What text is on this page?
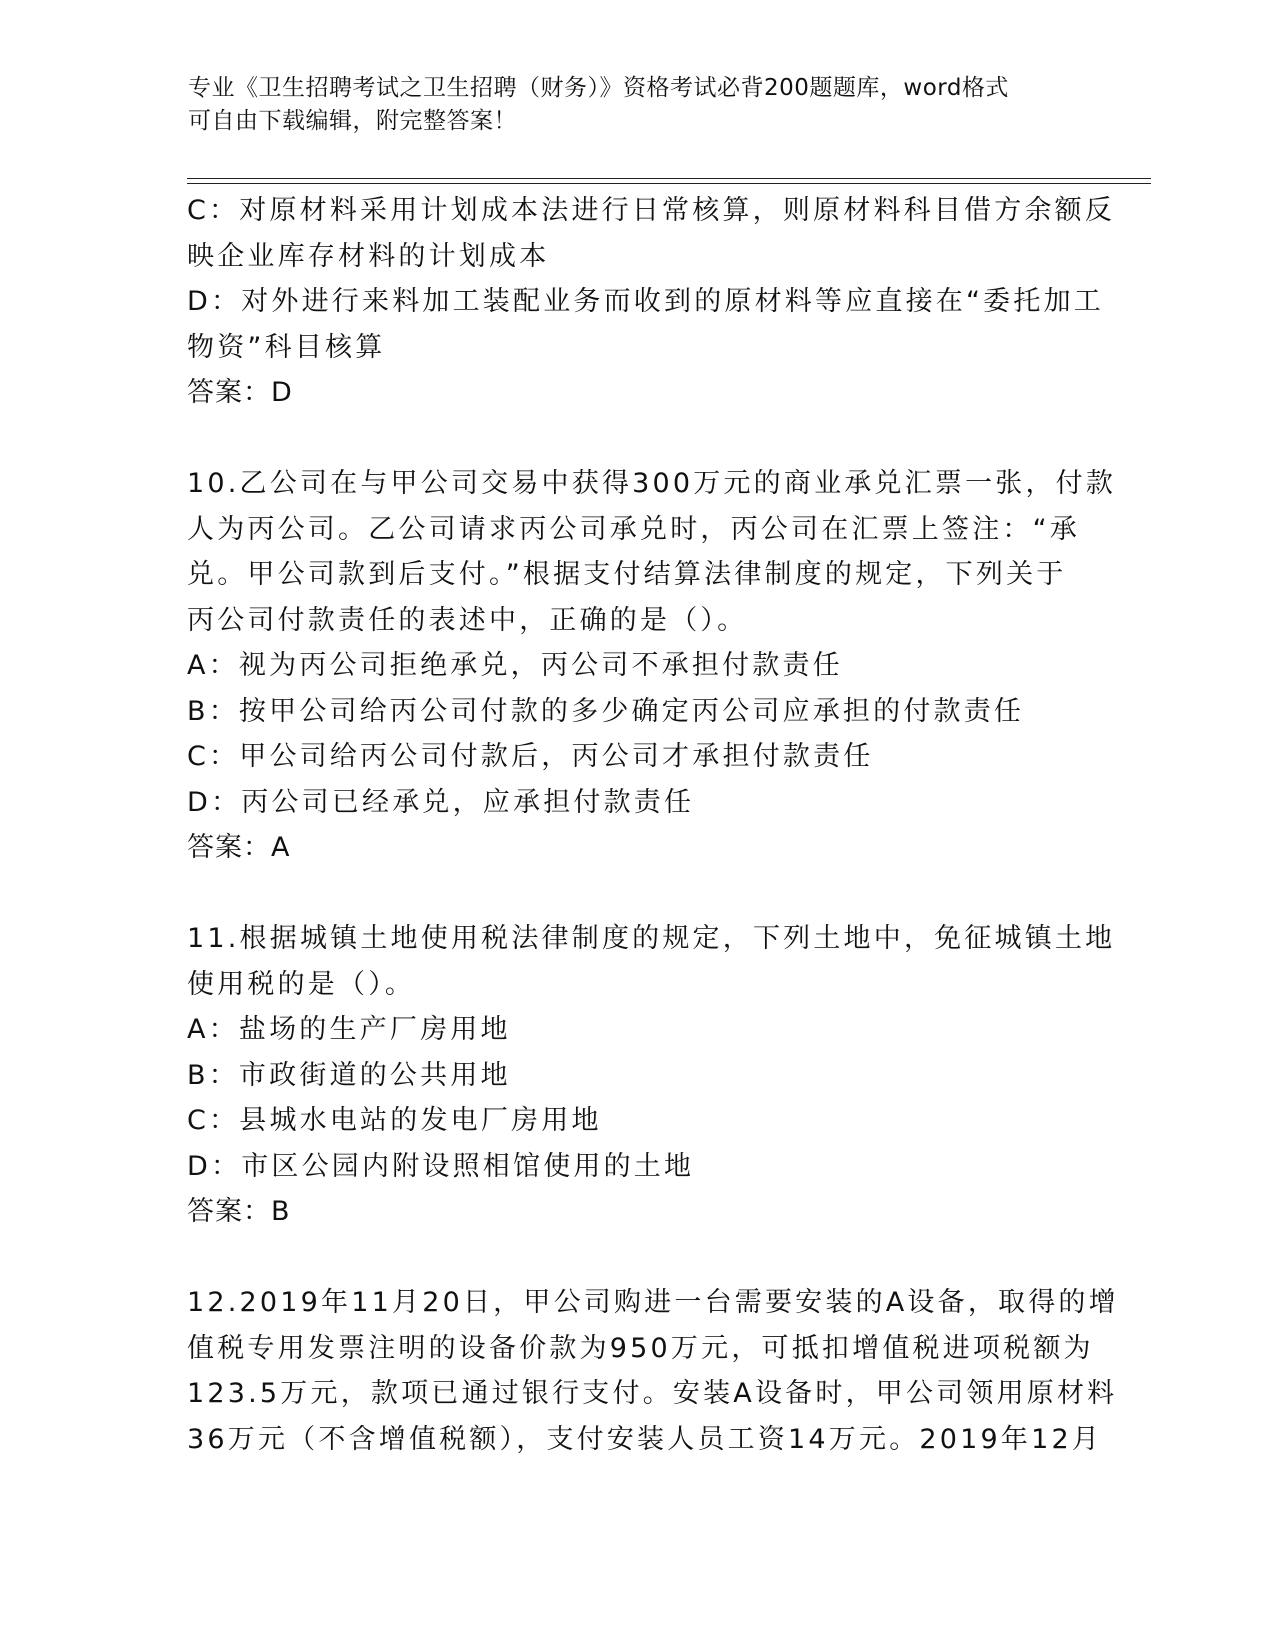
专业《卫生招聘考试之卫生招聘（财务）》资格考试必背200题题库，word格式
可自由下载编辑，附完整答案！
C：对原材料采用计划成本法进行日常核算，则原材料科目借方余额反
映企业库存材料的计划成本
D：对外进行来料加工装配业务而收到的原材料等应直接在“委托加工
物资”科目核算
答案：D
10.乙公司在与甲公司交易中获得300万元的商业承兑汇票一张，付款
人为丙公司。乙公司请求丙公司承兑时，丙公司在汇票上签注：“承
兑。甲公司款到后支付。”根据支付结算法律制度的规定，下列关于
丙公司付款责任的表述中，正确的是（）。
A：视为丙公司拒绝承兑，丙公司不承担付款责任
B：按甲公司给丙公司付款的多少确定丙公司应承担的付款责任
C：甲公司给丙公司付款后，丙公司才承担付款责任
D：丙公司已经承兑，应承担付款责任
答案：A
11.根据城镇土地使用税法律制度的规定，下列土地中，免征城镇土地
使用税的是（）。
A：盐场的生产厂房用地
B：市政街道的公共用地
C：县城水电站的发电厂房用地
D：市区公园内附设照相馆使用的土地
答案：B
12.2019年11月20日，甲公司购进一台需要安装的A设备，取得的增
值税专用发票注明的设备价款为950万元，可抵扣增值税进项税额为
123.5万元，款项已通过银行支付。安装A设备时，甲公司领用原材料
36万元（不含增值税额），支付安装人员工资14万元。2019年12月
